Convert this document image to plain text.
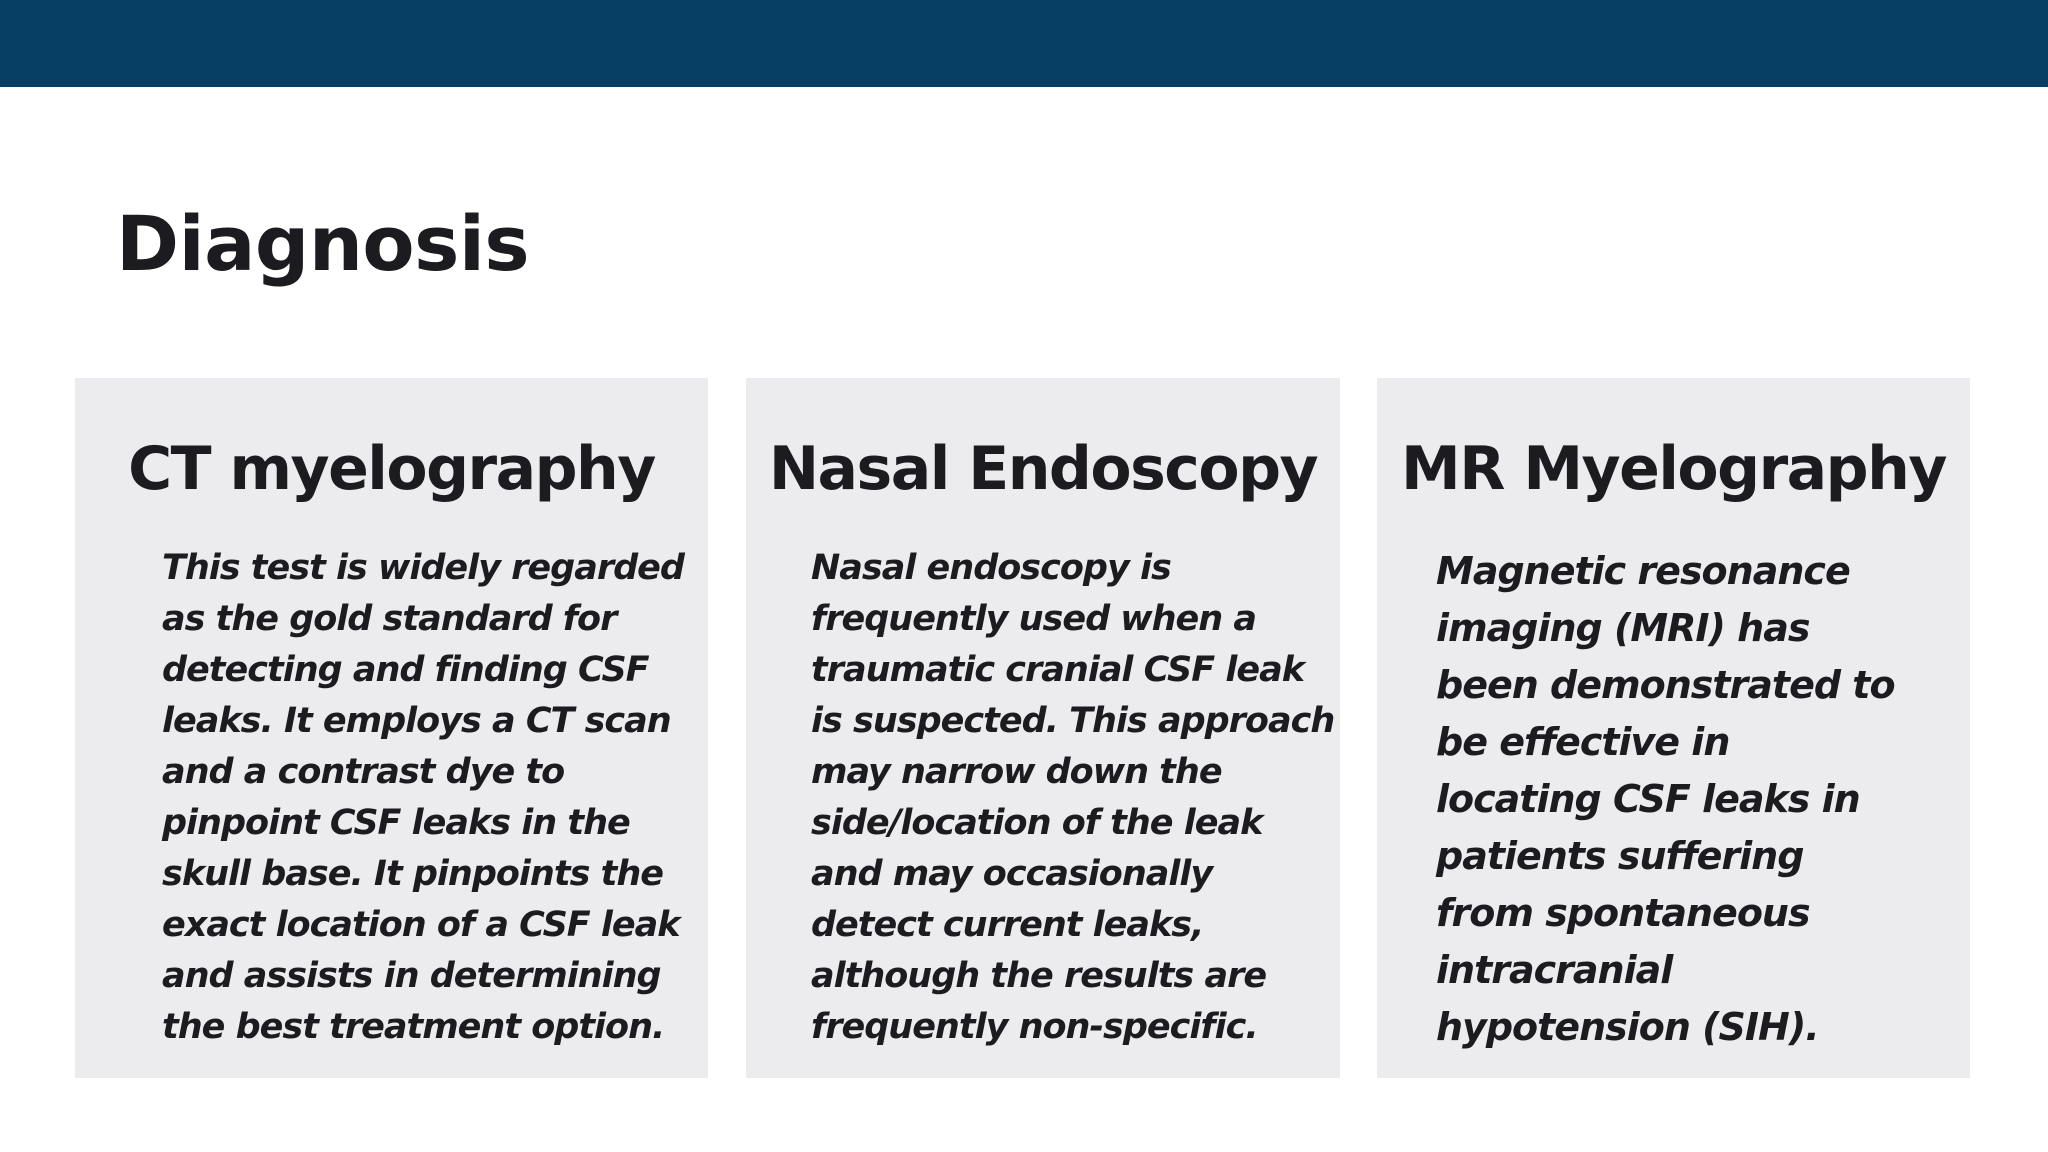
Diagnosis
CT myelography

This test is widely regarded
as the gold standard for
detecting and finding CSF
leaks. It employs a CT scan
and a contrast dye to
pinpoint CSF leaks in the
skull base. It pinpoints the
exact location of a CSF leak
and assists in determining
the best treatment option.

Nasal Endoscopy

Nasal endoscopy is
frequently used when a
traumatic cranial CSF leak
is suspected. This approach
may narrow down the
side/location of the leak
and may occasionally
detect current leaks,
although the results are
frequently non-specific.

MR Myelography

Magnetic resonance
imaging (MRI) has
been demonstrated to
be effective in
locating CSF leaks in
patients suffering
from spontaneous
intracranial
hypotension (SIH).
